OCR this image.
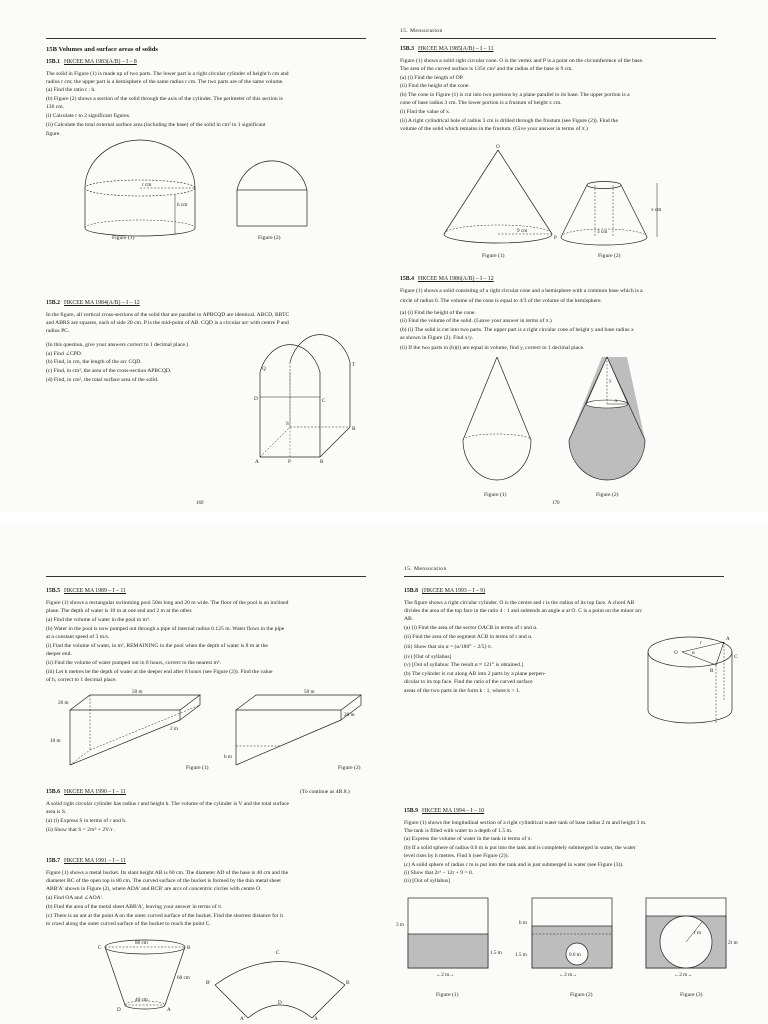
15B Volumes and surface areas of solids
15B.1 HKCEE MA 1983(A/B) – I – 8
The solid in Figure (1) is made up of two parts. The lower part is a right circular cylinder of height h cm and
radius r cm; the upper part is a hemisphere of the same radius r cm. The two parts are of the same volume.
(a) Find the ratio r : h.
(b) Figure (2) shows a section of the solid through the axis of the cylinder. The perimeter of this section is
136 cm.
(i) Calculate r to 2 significant figures.
(ii) Calculate the total external surface area (including the base) of the solid in cm² to 1 significant
figure.
r cm
h cm
Figure (1)	Figure (2)
15B.2 HKCEE MA 1984(A/B) – I – 12
In the figure, all vertical cross-sections of the solid that are parallel to APBCQD are identical. ABCD, BRTC
and ABRS are squares, each of side 20 cm. P is the mid-point of AB. CQD is a circular arc with centre P and
radius PC.
(In this question, give your answers correct to 1 decimal place.)
(a) Find ∠CPD.
(b) Find, in cm, the length of the arc CQD.
(c) Find, in cm², the area of the cross-section APBCQD.
(d) Find, in cm², the total surface area of the solid.
Q
T
D	C
S
R
A	P	B
169
15. Mensuration
15B.3 HKCEE MA 1985(A/B) – I – 11
Figure (1) shows a solid right circular cone. O is the vertex and P is a point on the circumference of the base.
The area of the curved surface is 135π cm² and the radius of the base is 9 cm.
(a) (i) Find the length of OP.
(ii) Find the height of the cone.
(b) The cone in Figure (1) is cut into two portions by a plane parallel to its base. The upper portion is a
cone of base radius 3 cm. The lower portion is a frustum of height x cm.
(i) Find the value of x.
(ii) A right cylindrical hole of radius 3 cm is drilled through the frustum (see Figure (2)). Find the
volume of the solid which remains in the frustum. (Give your answer in terms of π.)
O
9 cm
P
x cm
3 cm
Figure (1)	Figure (2)
15B.4 HKCEE MA 1986(A/B) – I – 12
Figure (1) shows a solid consisting of a right circular cone and a hemisphere with a common base which is a
circle of radius 6. The volume of the cone is equal to 4/3 of the volume of the hemisphere.
(a) (i) Find the height of the cone.
(ii) Find the volume of the solid. (Leave your answer in terms of π.)
(b) (i) The solid is cut into two parts. The upper part is a right circular cone of height y and base radius x
as shown in Figure (2). Find x/y.
(ii) If the two parts in (b)(i) are equal in volume, find y, correct to 1 decimal place.
y
x
Figure (1)	Figure (2)
170
15B.5 HKCEE MA 1989 – I – 11
Figure (1) shows a rectangular swimming pool 50m long and 20 m wide. The floor of the pool is an inclined
plane. The depth of water is 10 m at one end and 2 m at the other.
(a) Find the volume of water in the pool in m³.
(b) Water in the pool is now pumped out through a pipe of internal radius 0.125 m. Water flows in the pipe
at a constant speed of 3 m/s.
(i) Find the volume of water, in m², REMAINING in the pool when the depth of water is 8 m at the
deeper end.
(ii) Find the volume of water pumped out in 8 hours, correct to the nearest m³.
(iii) Let h metres be the depth of water at the deeper end after 8 hours (see Figure (2)). Find the value
of h, correct to 1 decimal place.
50 m
20 m
10 m
2 m
50 m
20 m
h m
Figure (1)	Figure (2)
15B.6 HKCEE MA 1990 – I – 11	(To continue as 4B.8.)
A solid right circular cylinder has radius r and height h. The volume of the cylinder is V and the total surface
area is S.
(a) (i) Express S in terms of r and h.
(ii) Show that S = 2πr² + 2V/r .
15B.7 HKCEE MA 1991 – I – 11
Figure (1) shows a metal bucket. Its slant height AB is 60 cm. The diameter AD of the base is 40 cm and the
diameter BC of the open top is 80 cm. The curved surface of the bucket is formed by the thin metal sheet
ABB'A' shown in Figure (2), where ADA' and BCB' are arcs of concentric circles with centre O.
(a) Find OA and ∠AOA'.
(b) Find the area of the metal sheet ABB'A', leaving your answer in terms of π.
(c) There is an ant at the point A on the outer curved surface of the bucket. Find the shortest distance for it
to crawl along the outer curved surface of the bucket to reach the point C.
80 cm
60 cm
40 cm
C	B
D	A
C
B'	B
D
A'	A
15. Mensuration
15B.8 (HKCEE MA 1993 – I – 9)
The figure shows a right circular cylinder. O is the centre and r is the radius of its top face. A chord AB
divides the area of the top face in the ratio 4 : 1 and subtends an angle α at O. C is a point on the minor arc
AB.
(a) (i) Find the area of the sector OACB in terms of r and α.
(ii) Find the area of the segment ACB in terms of r and α.
(iii) Show that sin α = (α/180° − 2/5) π.
(iv) [Out of syllabus]
(v) [Out of syllabus: The result α ≈ 121° is obtained.]
(b) The cylinder is cut along AB into 2 parts by a plane perpen-
dicular to its top face. Find the ratio of the curved surface
areas of the two parts in the form k : 1, where k > 1.
O
r
α
A
B
C
15B.9 HKCEE MA 1994 – I – 10
Figure (1) shows the longitudinal section of a right cylindrical water tank of base radius 2 m and height 3 m.
The tank is filled with water to a depth of 1.5 m.
(a) Express the volume of water in the tank in terms of π.
(b) If a solid sphere of radius 0.6 m is put into the tank and is completely submerged in water, the water
level rises by h metres. Find h (see Figure (2)).
(c) A solid sphere of radius r m is put into the tank and is just submerged in water (see Figure (3)).
(i) Show that 2r³ − 12r + 9 = 0.
(ii) [Out of syllabus]
3 m
1.5 m
←2 m→
h m
0.6 m
1.5 m
←2 m→
r m
2r m
←2 m→
Figure (1)	Figure (2)	Figure (3)
